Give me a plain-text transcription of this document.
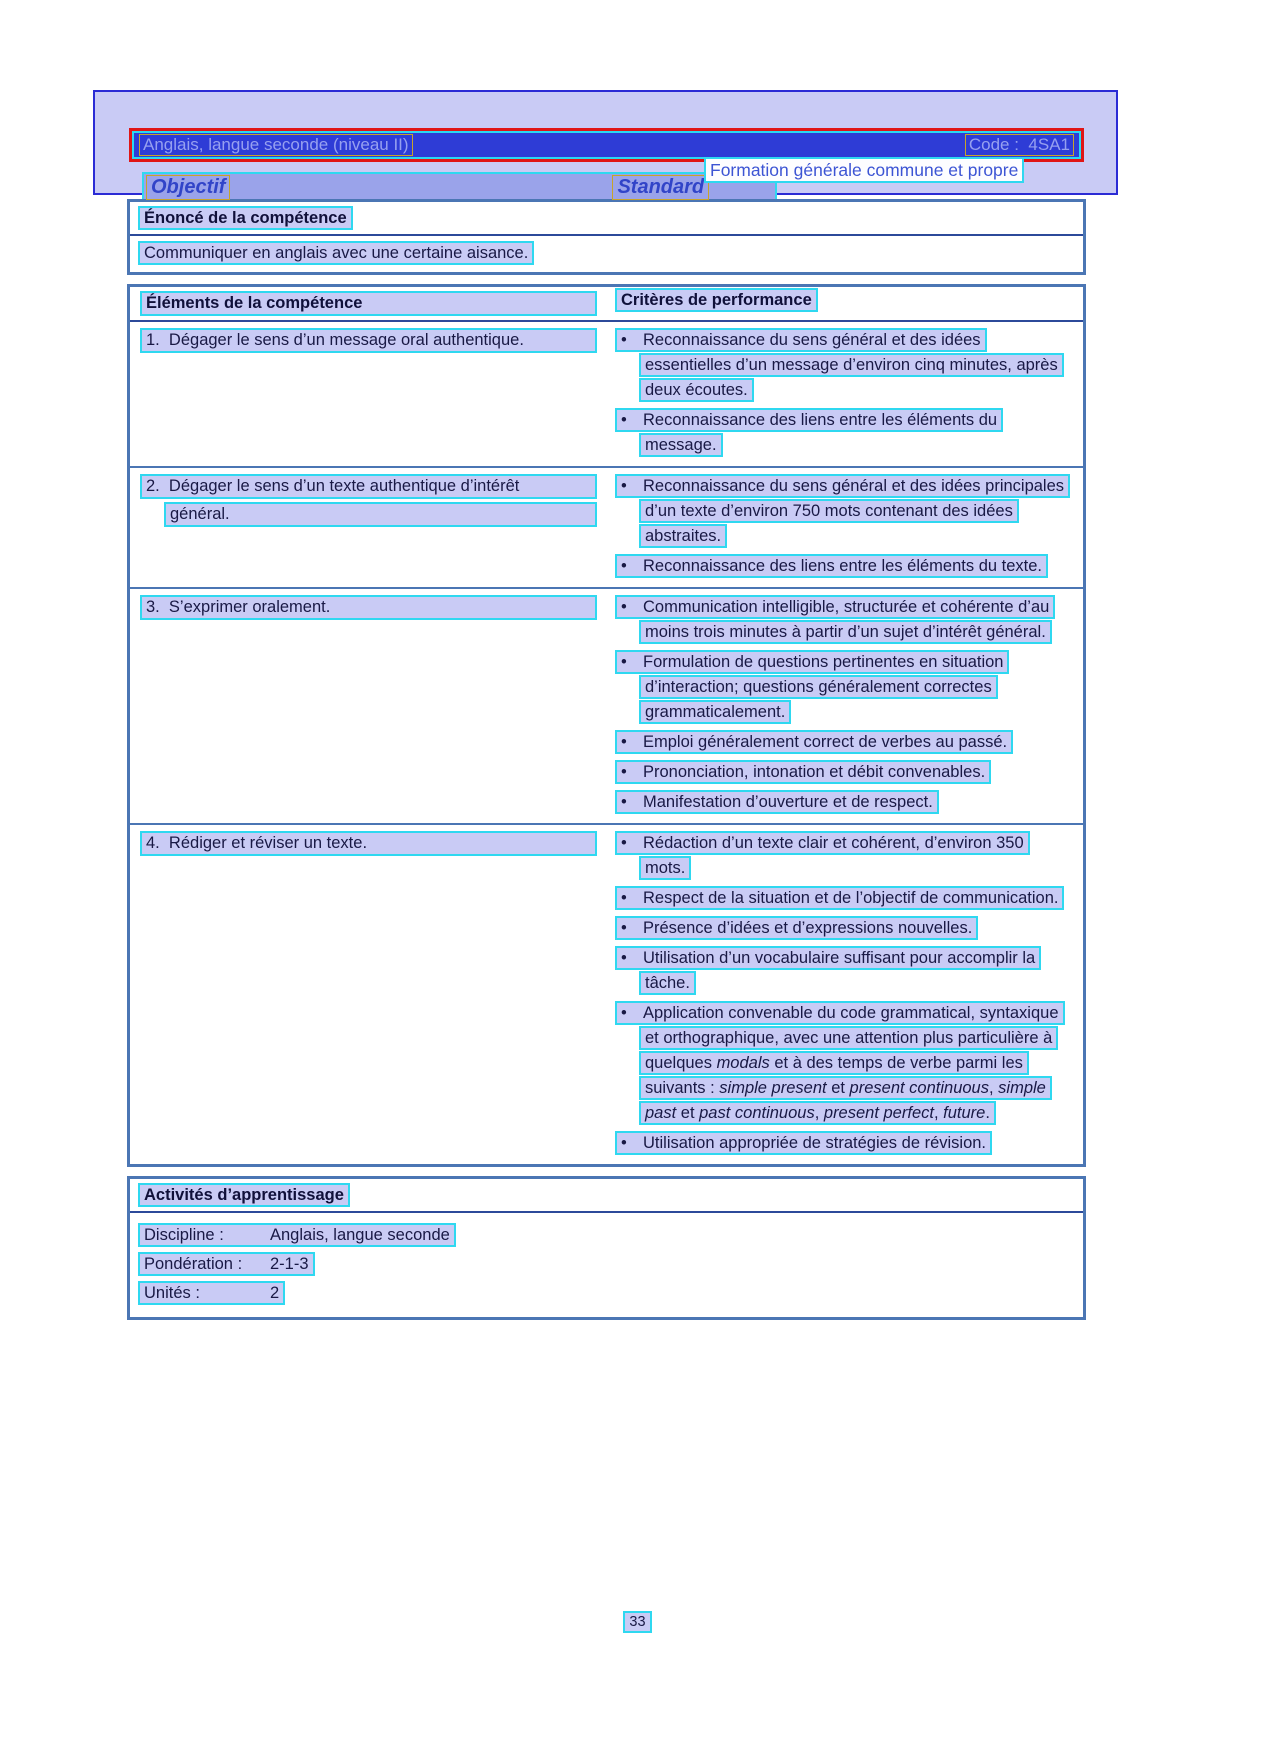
Formation générale commune et propre
Anglais, langue seconde (niveau II)	Code :  4SA1
Objectif	Standard
Énoncé de la compétence
Communiquer en anglais avec une certaine aisance.
Éléments de la compétence	Critères de performance
1.  Dégager le sens d’un message oral authentique.	• Reconnaissance du sens général et des idées essentielles d’un message d’environ cinq minutes, après deux écoutes.
• Reconnaissance des liens entre les éléments du message.
2.  Dégager le sens d’un texte authentique d’intérêt
général.
• Reconnaissance du sens général et des idées principales d’un texte d’environ 750 mots contenant des idées abstraites.
• Reconnaissance des liens entre les éléments du texte.
3.  S’exprimer oralement.	• Communication intelligible, structurée et cohérente d’au moins trois minutes à partir d’un sujet d’intérêt général.
• Formulation de questions pertinentes en situation d’interaction; questions généralement correctes grammaticalement.
• Emploi généralement correct de verbes au passé.
• Prononciation, intonation et débit convenables.
• Manifestation d’ouverture et de respect.
4.  Rédiger et réviser un texte.	• Rédaction d’un texte clair et cohérent, d’environ 350 mots.
• Respect de la situation et de l’objectif de communication.
• Présence d’idées et d’expressions nouvelles.
• Utilisation d’un vocabulaire suffisant pour accomplir la tâche.
• Application convenable du code grammatical, syntaxique et orthographique, avec une attention plus particulière à quelques modals et à des temps de verbe parmi les suivants : simple present et present continuous, simple past et past continuous, present perfect, future.
• Utilisation appropriée de stratégies de révision.
Activités d’apprentissage
Discipline :	Anglais, langue seconde
Pondération : 2-1-3
Unités :	2
33
